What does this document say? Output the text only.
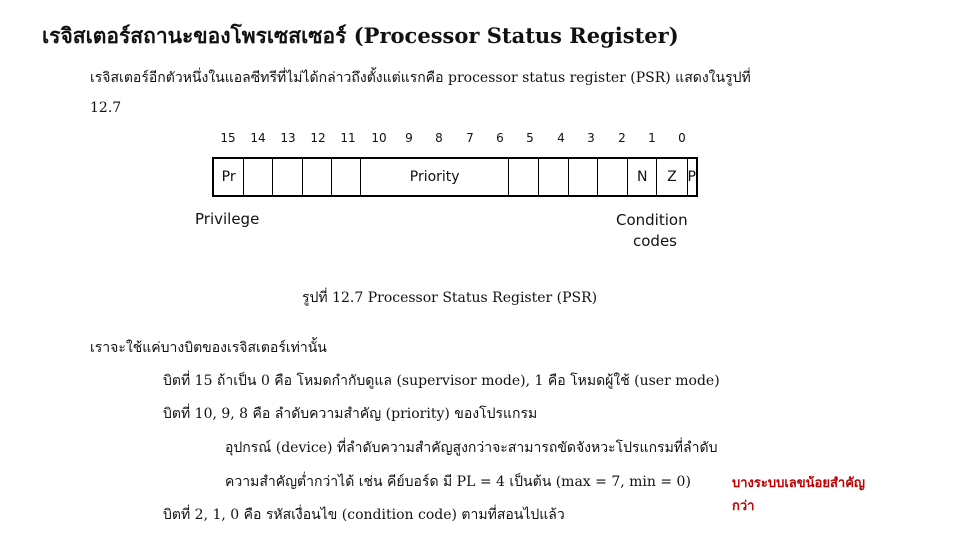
เรจิสเตอร์สถานะของโพรเซสเซอร์ (Processor Status Register)
เรจิสเตอร์อีกตัวหนึ่งในแอลซีทรีที่ไม่ได้กล่าวถึงตั้งแต่แรกคือ processor status register (PSR) แสดงในรูปที่
12.7
15	14	13	12	11	10	9	8	7	6	5	4	3	2	1	0
Pr	Priority	N	Z P
Privilege	Condition
codes
รูปที่ 12.7 Processor Status Register (PSR)
เราจะใช้แค่บางบิตของเรจิสเตอร์เท่านั้น
บิตที่ 15 ถ้าเป็น 0 คือ โหมดกำกับดูแล (supervisor mode), 1 คือ โหมดผู้ใช้ (user mode)
บิตที่ 10, 9, 8 คือ ลำดับความสำคัญ (priority) ของโปรแกรม
อุปกรณ์ (device) ที่ลำดับความสำคัญสูงกว่าจะสามารถขัดจังหวะโปรแกรมที่ลำดับ
ความสำคัญต่ำกว่าได้ เช่น คีย์บอร์ด มี PL = 4 เป็นต้น (max = 7, min = 0)
บิตที่ 2, 1, 0 คือ รหัสเงื่อนไข (condition code) ตามที่สอนไปแล้ว
บางระบบเลขน้อยสำคัญ
กว่า
